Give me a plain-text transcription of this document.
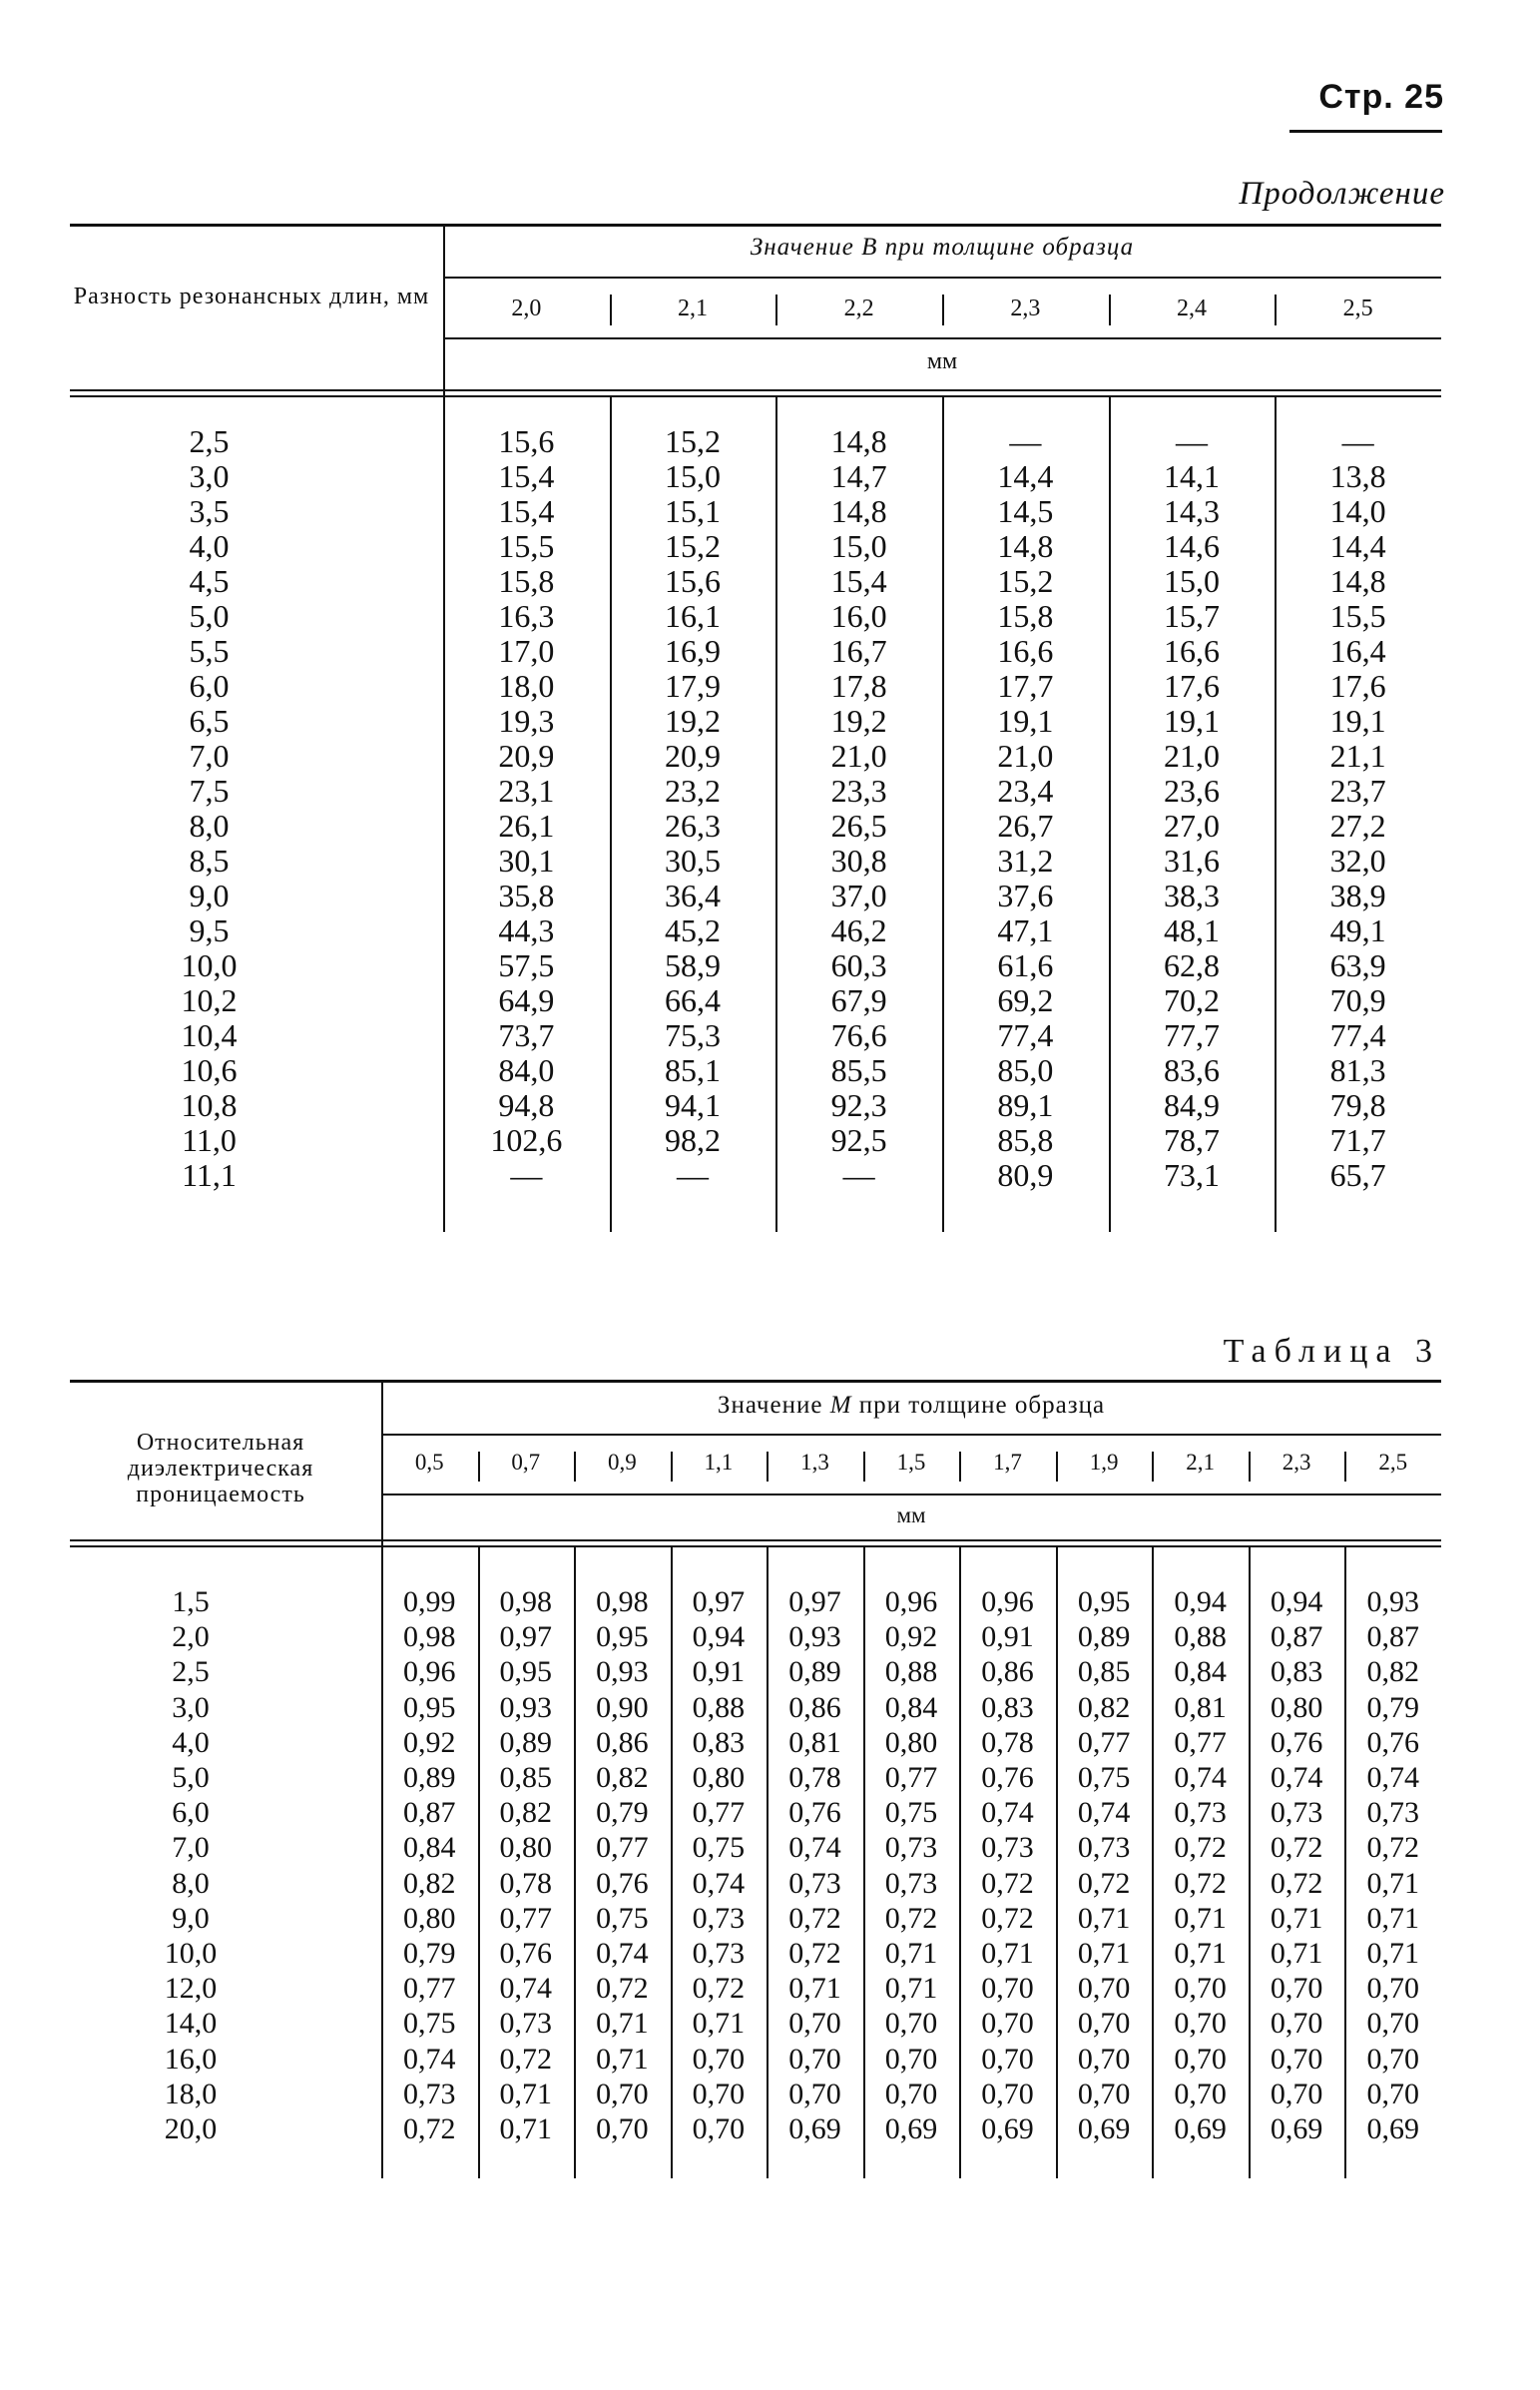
Стр. 25
Продолжение
Разность резонансных длин, мм
Значение B при толщине образца
2,0	2,1	2,2	2,3	2,4	2,5
мм
2,5	15,6	15,2	14,8	—	—	—
3,0	15,4	15,0	14,7	14,4	14,1	13,8
3,5	15,4	15,1	14,8	14,5	14,3	14,0
4,0	15,5	15,2	15,0	14,8	14,6	14,4
4,5	15,8	15,6	15,4	15,2	15,0	14,8
5,0	16,3	16,1	16,0	15,8	15,7	15,5
5,5	17,0	16,9	16,7	16,6	16,6	16,4
6,0	18,0	17,9	17,8	17,7	17,6	17,6
6,5	19,3	19,2	19,2	19,1	19,1	19,1
7,0	20,9	20,9	21,0	21,0	21,0	21,1
7,5	23,1	23,2	23,3	23,4	23,6	23,7
8,0	26,1	26,3	26,5	26,7	27,0	27,2
8,5	30,1	30,5	30,8	31,2	31,6	32,0
9,0	35,8	36,4	37,0	37,6	38,3	38,9
9,5	44,3	45,2	46,2	47,1	48,1	49,1
10,0	57,5	58,9	60,3	61,6	62,8	63,9
10,2	64,9	66,4	67,9	69,2	70,2	70,9
10,4	73,7	75,3	76,6	77,4	77,7	77,4
10,6	84,0	85,1	85,5	85,0	83,6	81,3
10,8	94,8	94,1	92,3	89,1	84,9	79,8
11,0	102,6	98,2	92,5	85,8	78,7	71,7
11,1	—	—	—	80,9	73,1	65,7
Таблица 3
Относительная диэлектрическая проницаемость
Значение M при толщине образца
0,5	0,7	0,9	1,1	1,3	1,5	1,7	1,9	2,1	2,3	2,5
мм
1,5	0,99	0,98	0,98	0,97	0,97	0,96	0,96	0,95	0,94	0,94	0,93
2,0	0,98	0,97	0,95	0,94	0,93	0,92	0,91	0,89	0,88	0,87	0,87
2,5	0,96	0,95	0,93	0,91	0,89	0,88	0,86	0,85	0,84	0,83	0,82
3,0	0,95	0,93	0,90	0,88	0,86	0,84	0,83	0,82	0,81	0,80	0,79
4,0	0,92	0,89	0,86	0,83	0,81	0,80	0,78	0,77	0,77	0,76	0,76
5,0	0,89	0,85	0,82	0,80	0,78	0,77	0,76	0,75	0,74	0,74	0,74
6,0	0,87	0,82	0,79	0,77	0,76	0,75	0,74	0,74	0,73	0,73	0,73
7,0	0,84	0,80	0,77	0,75	0,74	0,73	0,73	0,73	0,72	0,72	0,72
8,0	0,82	0,78	0,76	0,74	0,73	0,73	0,72	0,72	0,72	0,72	0,71
9,0	0,80	0,77	0,75	0,73	0,72	0,72	0,72	0,71	0,71	0,71	0,71
10,0	0,79	0,76	0,74	0,73	0,72	0,71	0,71	0,71	0,71	0,71	0,71
12,0	0,77	0,74	0,72	0,72	0,71	0,71	0,70	0,70	0,70	0,70	0,70
14,0	0,75	0,73	0,71	0,71	0,70	0,70	0,70	0,70	0,70	0,70	0,70
16,0	0,74	0,72	0,71	0,70	0,70	0,70	0,70	0,70	0,70	0,70	0,70
18,0	0,73	0,71	0,70	0,70	0,70	0,70	0,70	0,70	0,70	0,70	0,70
20,0	0,72	0,71	0,70	0,70	0,69	0,69	0,69	0,69	0,69	0,69	0,69
